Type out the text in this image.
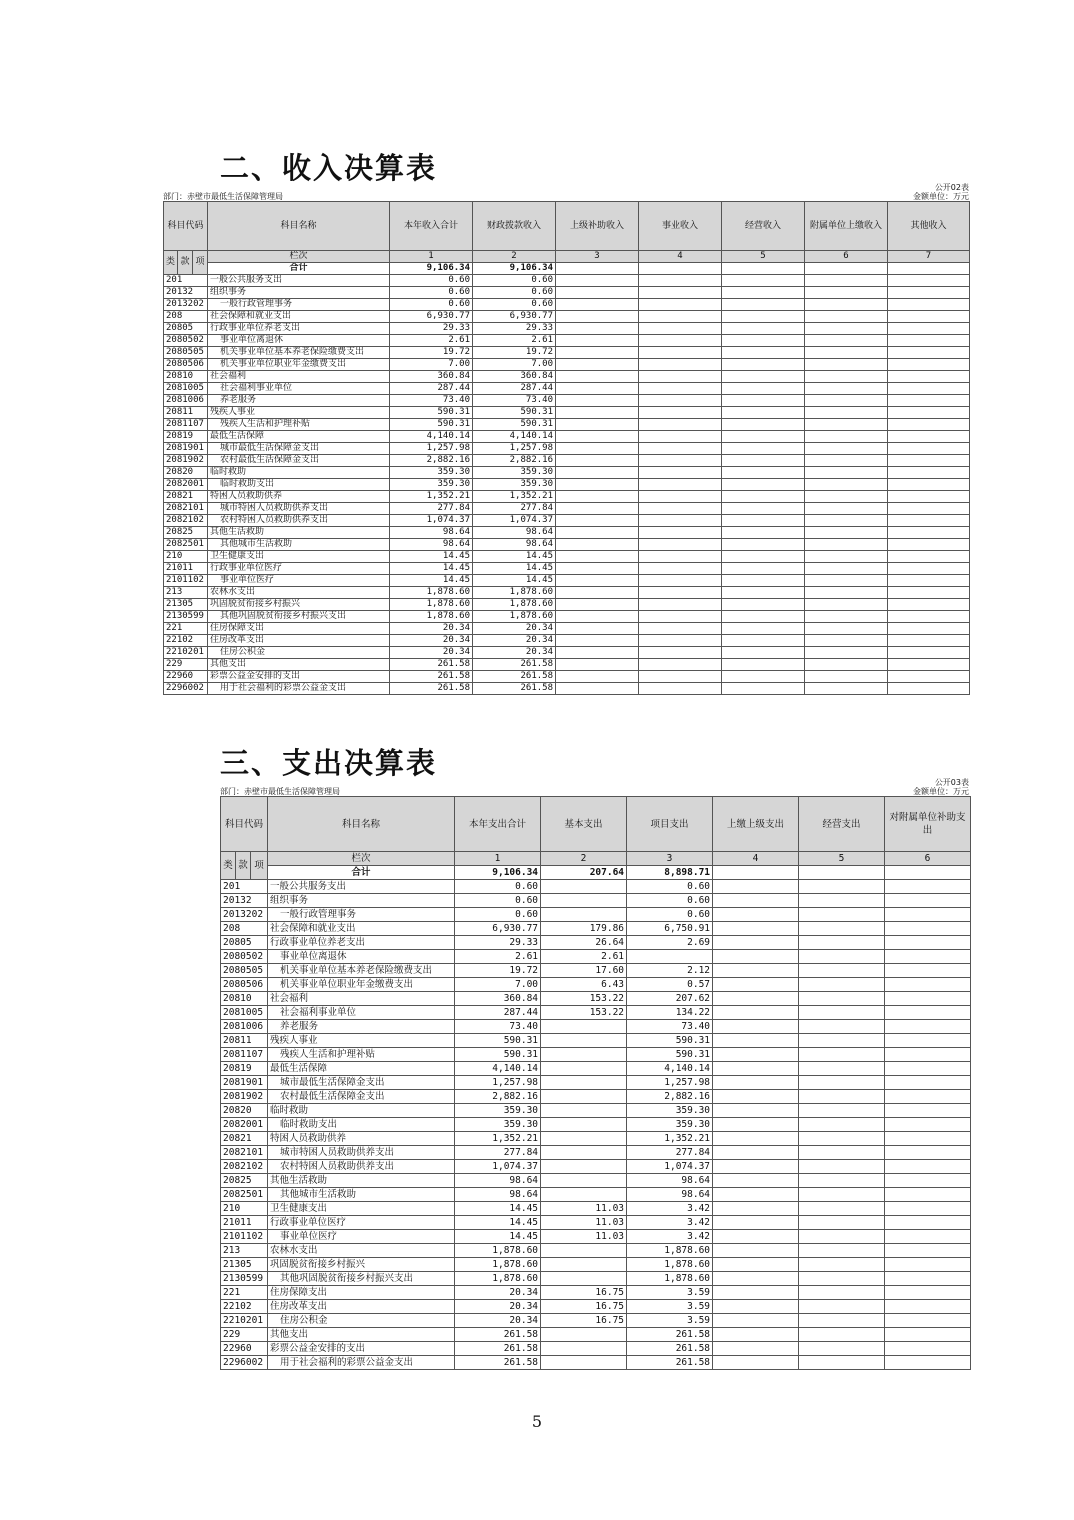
二、收入决算表
公开02表
部门：赤壁市最低生活保障管理局	金额单位：万元
科目代码			科目名称	本年收入合计	财政拨款收入	上级补助收入	事业收入	经营收入	附属单位上缴收入	其他收入
类	款	项	栏次	1	2	3	4	5	6	7
			合计	9,106.34	9,106.34					
201			一般公共服务支出	0.60	0.60					
20132			组织事务	0.60	0.60					
2013202			一般行政管理事务	0.60	0.60					
208			社会保障和就业支出	6,930.77	6,930.77					
20805			行政事业单位养老支出	29.33	29.33					
2080502			事业单位离退休	2.61	2.61					
2080505			机关事业单位基本养老保险缴费支出	19.72	19.72					
2080506			机关事业单位职业年金缴费支出	7.00	7.00					
20810			社会福利	360.84	360.84					
2081005			社会福利事业单位	287.44	287.44					
2081006			养老服务	73.40	73.40					
20811			残疾人事业	590.31	590.31					
2081107			残疾人生活和护理补贴	590.31	590.31					
20819			最低生活保障	4,140.14	4,140.14					
2081901			城市最低生活保障金支出	1,257.98	1,257.98					
2081902			农村最低生活保障金支出	2,882.16	2,882.16					
20820			临时救助	359.30	359.30					
2082001			临时救助支出	359.30	359.30					
20821			特困人员救助供养	1,352.21	1,352.21					
2082101			城市特困人员救助供养支出	277.84	277.84					
2082102			农村特困人员救助供养支出	1,074.37	1,074.37					
20825			其他生活救助	98.64	98.64					
2082501			其他城市生活救助	98.64	98.64					
210			卫生健康支出	14.45	14.45					
21011			行政事业单位医疗	14.45	14.45					
2101102			事业单位医疗	14.45	14.45					
213			农林水支出	1,878.60	1,878.60					
21305			巩固脱贫衔接乡村振兴	1,878.60	1,878.60					
2130599			其他巩固脱贫衔接乡村振兴支出	1,878.60	1,878.60					
221			住房保障支出	20.34	20.34					
22102			住房改革支出	20.34	20.34					
2210201			住房公积金	20.34	20.34					
229			其他支出	261.58	261.58					
22960			彩票公益金安排的支出	261.58	261.58					
2296002			用于社会福利的彩票公益金支出	261.58	261.58					
三、支出决算表
公开03表
部门：赤壁市最低生活保障管理局	金额单位：万元
科目代码			科目名称	本年支出合计	基本支出	项目支出	上缴上级支出	经营支出	对附属单位补助支出
类	款	项	栏次	1	2	3	4	5	6
			合计	9,106.34	207.64	8,898.71			
201			一般公共服务支出	0.60		0.60			
20132			组织事务	0.60		0.60			
2013202			一般行政管理事务	0.60		0.60			
208			社会保障和就业支出	6,930.77	179.86	6,750.91			
20805			行政事业单位养老支出	29.33	26.64	2.69			
2080502			事业单位离退休	2.61	2.61				
2080505			机关事业单位基本养老保险缴费支出	19.72	17.60	2.12			
2080506			机关事业单位职业年金缴费支出	7.00	6.43	0.57			
20810			社会福利	360.84	153.22	207.62			
2081005			社会福利事业单位	287.44	153.22	134.22			
2081006			养老服务	73.40		73.40			
20811			残疾人事业	590.31		590.31			
2081107			残疾人生活和护理补贴	590.31		590.31			
20819			最低生活保障	4,140.14		4,140.14			
2081901			城市最低生活保障金支出	1,257.98		1,257.98			
2081902			农村最低生活保障金支出	2,882.16		2,882.16			
20820			临时救助	359.30		359.30			
2082001			临时救助支出	359.30		359.30			
20821			特困人员救助供养	1,352.21		1,352.21			
2082101			城市特困人员救助供养支出	277.84		277.84			
2082102			农村特困人员救助供养支出	1,074.37		1,074.37			
20825			其他生活救助	98.64		98.64			
2082501			其他城市生活救助	98.64		98.64			
210			卫生健康支出	14.45	11.03	3.42			
21011			行政事业单位医疗	14.45	11.03	3.42			
2101102			事业单位医疗	14.45	11.03	3.42			
213			农林水支出	1,878.60		1,878.60			
21305			巩固脱贫衔接乡村振兴	1,878.60		1,878.60			
2130599			其他巩固脱贫衔接乡村振兴支出	1,878.60		1,878.60			
221			住房保障支出	20.34	16.75	3.59			
22102			住房改革支出	20.34	16.75	3.59			
2210201			住房公积金	20.34	16.75	3.59			
229			其他支出	261.58		261.58			
22960			彩票公益金安排的支出	261.58		261.58			
2296002			用于社会福利的彩票公益金支出	261.58		261.58			
5
